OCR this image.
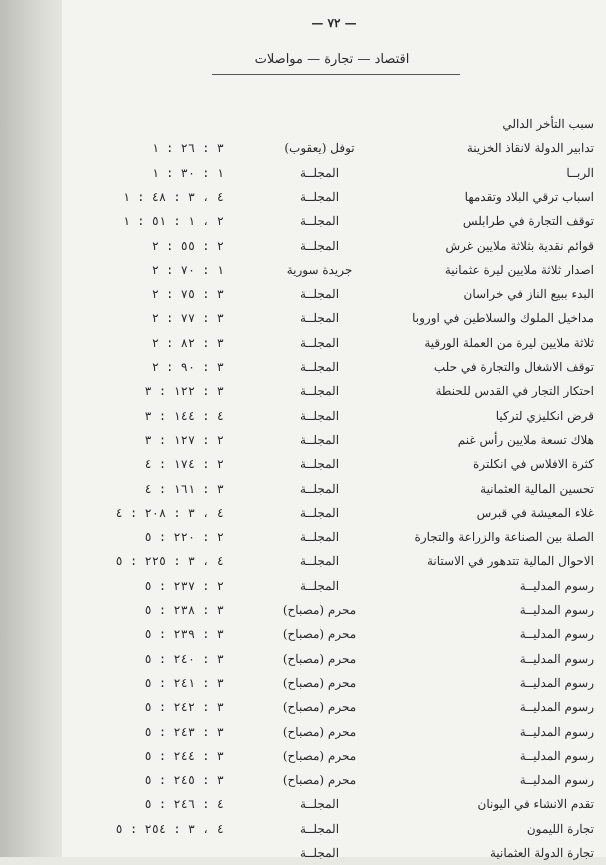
— ٧٢ —
اقتصاد — تجارة — مواصلات
سبب التأخر الدالي
تدابير الدولة لانقاذ الخزينة
توفل (يعقوب)
٣ : ٢٦ : ١
الربــا
المجلــة
١ : ٣٠ : ١
اسباب ترقي البلاد وتقدمها
المجلــة
٤ ، ٣ : ٤٨ : ١
توقف التجارة في طرابلس
المجلــة
٢ ، ١ : ٥١ : ١
قوائم نقدية بثلاثة ملايين غرش
المجلــة
٢ : ٥٥ : ٢
اصدار ثلاثة ملايين ليرة عثمانية
جريدة سورية
١ : ٧٠ : ٢
البدء ببيع الناز في خراسان
المجلــة
٣ : ٧٥ : ٢
مداخيل الملوك والسلاطين في اوروبا
المجلــة
٣ : ٧٧ : ٢
ثلاثة ملايين ليرة من العملة الورقية
المجلــة
٣ : ٨٢ : ٢
توقف الاشغال والتجارة في حلب
المجلــة
٣ : ٩٠ : ٢
احتكار التجار في القدس للحنطة
المجلــة
٣ : ١٢٢ : ٣
قرض انكليزي لتركيا
المجلــة
٤ : ١٤٤ : ٣
هلاك تسعة ملايين رأس غنم
المجلــة
٢ : ١٢٧ : ٣
كثرة الافلاس في انكلترة
المجلــة
٢ : ١٧٤ : ٤
تحسين المالية العثمانية
المجلــة
٣ : ١٦١ : ٤
غلاء المعيشة في قبرس
المجلــة
٤ ، ٣ : ٢٠٨ : ٤
الصلة بين الصناعة والزراعة والتجارة
المجلــة
٢ : ٢٢٠ : ٥
الاحوال المالية تتدهور في الاستانة
المجلــة
٤ ، ٣ : ٢٢٥ : ٥
رسوم المدليــة
المجلــة
٢ : ٢٣٧ : ٥
رسوم المدليــة
محرم (مصباح)
٣ : ٢٣٨ : ٥
رسوم المدليــة
محرم (مصباح)
٣ : ٢٣٩ : ٥
رسوم المدليــة
محرم (مصباح)
٣ : ٢٤٠ : ٥
رسوم المدليــة
محرم (مصباح)
٣ : ٢٤١ : ٥
رسوم المدليــة
محرم (مصباح)
٣ : ٢٤٢ : ٥
رسوم المدليــة
محرم (مصباح)
٣ : ٢٤٣ : ٥
رسوم المدليــة
محرم (مصباح)
٣ : ٢٤٤ : ٥
رسوم المدليــة
محرم (مصباح)
٣ : ٢٤٥ : ٥
تقدم الانشاء في اليونان
المجلــة
٤ : ٢٤٦ : ٥
تجارة الليمون
المجلــة
٤ ، ٣ : ٢٥٤ : ٥
تجارة الدولة العثمانية
المجلــة
